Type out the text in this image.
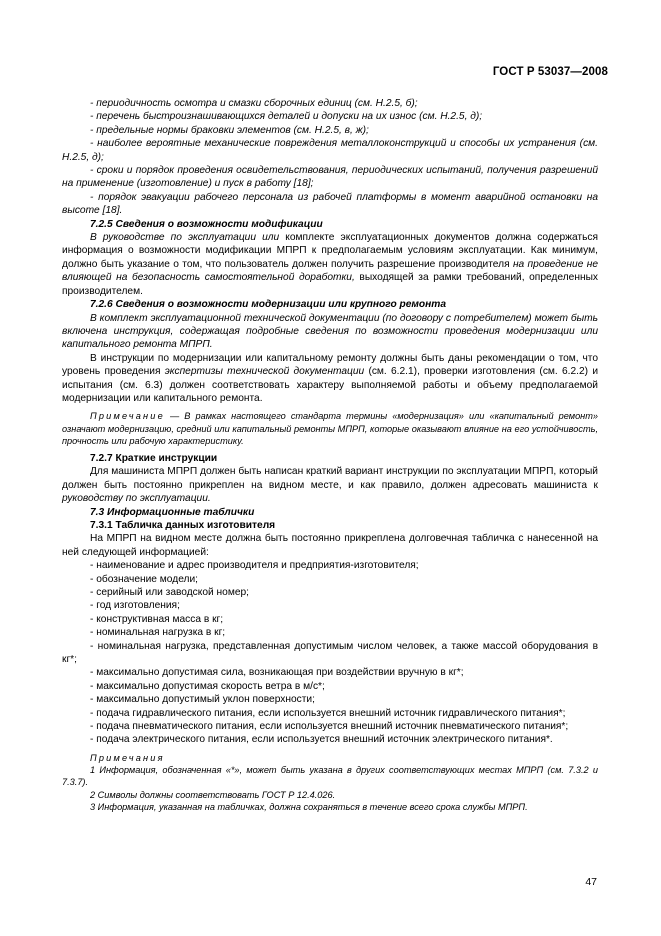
ГОСТ Р 53037—2008

- периодичность осмотра и смазки сборочных единиц (см. Н.2.5, б);

- перечень быстроизнашивающихся деталей и допуски на их износ (см. Н.2.5, д);

- предельные нормы браковки элементов (см. Н.2.5, в, ж);

- наиболее вероятные механические повреждения металлоконструкций и способы их устранения (см. Н.2.5, д);

- сроки и порядок проведения освидетельствования, периодических испытаний, получения разрешений на применение (изготовление) и пуск в работу [18];

- порядок эвакуации рабочего персонала из рабочей платформы в момент аварийной остановки на высоте [18].

7.2.5 Сведения о возможности модификации

В руководстве по эксплуатации или комплекте эксплуатационных документов должна содержаться информация о возможности модификации МПРП к предполагаемым условиям эксплуатации. Как минимум, должно быть указание о том, что пользователь должен получить разрешение производителя на проведение не влияющей на безопасность самостоятельной доработки, выходящей за рамки требований, определенных производителем.

7.2.6 Сведения о возможности модернизации или крупного ремонта

В комплект эксплуатационной технической документации (по договору с потребителем) может быть включена инструкция, содержащая подробные сведения по возможности проведения модернизации или капитального ремонта МПРП.

В инструкции по модернизации или капитальному ремонту должны быть даны рекомендации о том, что уровень проведения экспертизы технической документации (см. 6.2.1), проверки изготовления (см. 6.2.2) и испытания (см. 6.3) должен соответствовать характеру выполняемой работы и объему предполагаемой модернизации или капитального ремонта.

Примечание — В рамках настоящего стандарта термины «модернизация» или «капитальный ремонт» означают модернизацию, средний или капитальный ремонты МПРП, которые оказывают влияние на его устойчивость, прочность или рабочую характеристику.

7.2.7 Краткие инструкции

Для машиниста МПРП должен быть написан краткий вариант инструкции по эксплуатации МПРП, который должен быть постоянно прикреплен на видном месте, и как правило, должен адресовать машиниста к руководству по эксплуатации.

7.3 Информационные таблички

7.3.1 Табличка данных изготовителя

На МПРП на видном месте должна быть постоянно прикреплена долговечная табличка с нанесенной на ней следующей информацией:

- наименование и адрес производителя и предприятия-изготовителя;

- обозначение модели;

- серийный или заводской номер;

- год изготовления;

- конструктивная масса в кг;

- номинальная нагрузка в кг;

- номинальная нагрузка, представленная допустимым числом человек, а также массой оборудования в кг*;

- максимально допустимая сила, возникающая при воздействии вручную в кг*;

- максимально допустимая скорость ветра в м/с*;

- максимально допустимый уклон поверхности;

- подача гидравлического питания, если используется внешний источник гидравлического питания*;

- подача пневматического питания, если используется внешний источник пневматического питания*;

- подача электрического питания, если используется внешний источник электрического питания*.

Примечания

1 Информация, обозначенная «*», может быть указана в других соответствующих местах МПРП (см. 7.3.2 и 7.3.7).

2 Символы должны соответствовать ГОСТ Р 12.4.026.

3 Информация, указанная на табличках, должна сохраняться в течение всего срока службы МПРП.

47
